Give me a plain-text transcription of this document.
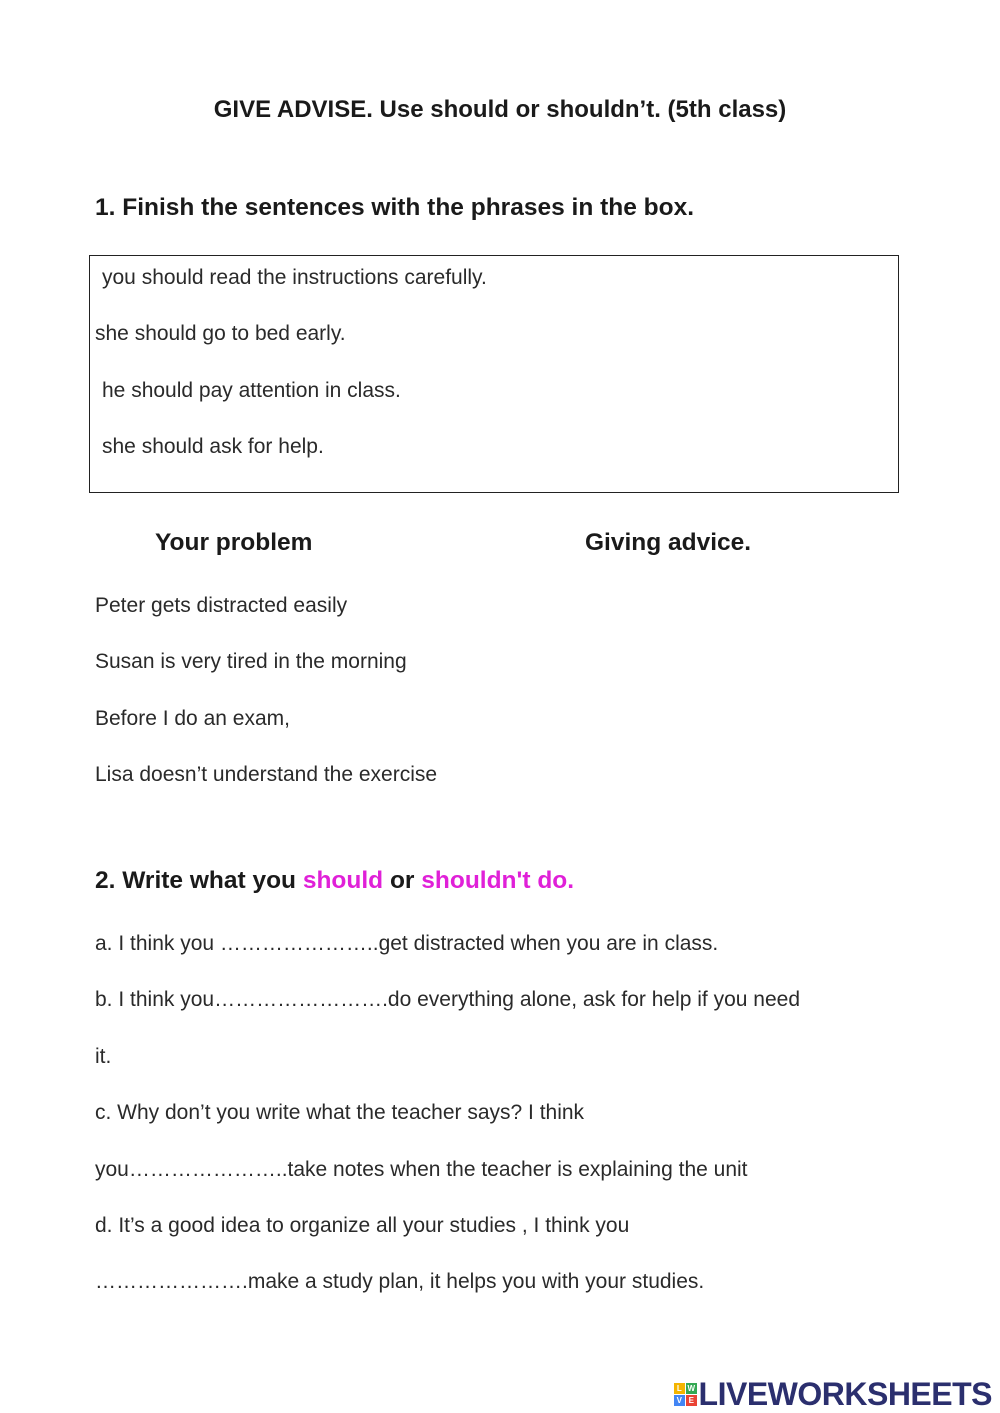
GIVE ADVISE. Use should or shouldn’t. (5th class)
1. Finish the sentences with the phrases in the box.
you should read the instructions carefully.
she should go to bed early.
he should pay attention in class.
she should ask for help.
Your problem	Giving advice.
Peter gets distracted easily
Susan is very tired in the morning
Before I do an exam,
Lisa doesn’t understand the exercise
2. Write what you should or shouldn't do.
a. I think you …………………..get distracted when you are in class.
b. I think you…………………….do everything alone, ask for help if you need
it.
c. Why don’t you write what the teacher says? I think
you…………………..take notes when the teacher is explaining the unit
d. It’s a good idea to organize all your studies , I think you
………………….make a study plan, it helps you with your studies.
L W
V E LIVEWORKSHEETS
